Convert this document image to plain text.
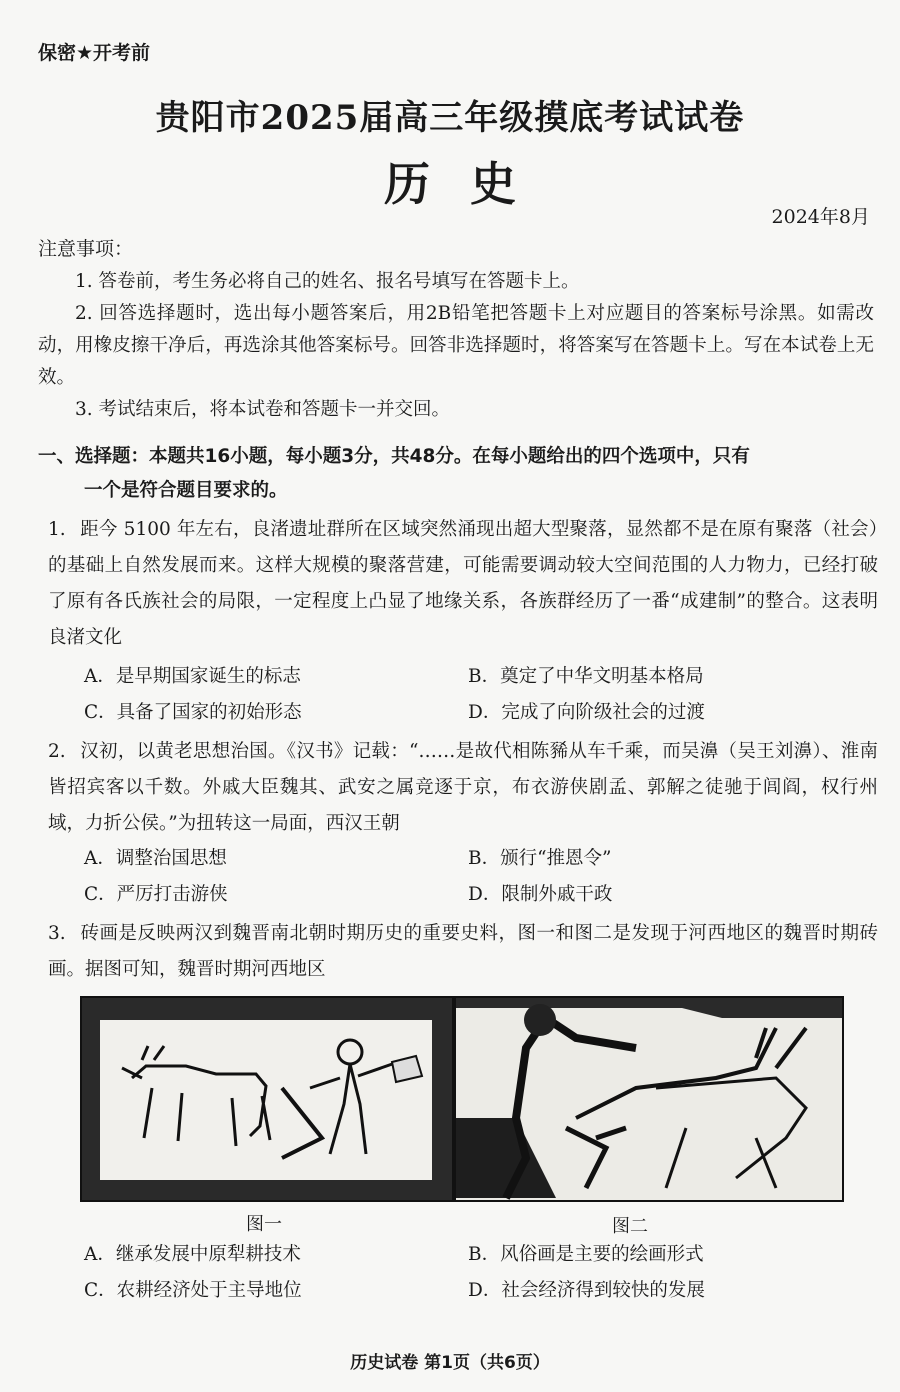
保密★开考前
贵阳市2025届高三年级摸底考试试卷
历史
2024年8月
注意事项：
1. 答卷前，考生务必将自己的姓名、报名号填写在答题卡上。
2. 回答选择题时，选出每小题答案后，用2B铅笔把答题卡上对应题目的答案标号涂黑。如需改动，用橡皮擦干净后，再选涂其他答案标号。回答非选择题时，将答案写在答题卡上。写在本试卷上无效。
3. 考试结束后，将本试卷和答题卡一并交回。
一、选择题：本题共16小题，每小题3分，共48分。在每小题给出的四个选项中，只有
一个是符合题目要求的。
1. 距今 5100 年左右，良渚遗址群所在区域突然涌现出超大型聚落，显然都不是在原有聚落（社会）的基础上自然发展而来。这样大规模的聚落营建，可能需要调动较大空间范围的人力物力，已经打破了原有各氏族社会的局限，一定程度上凸显了地缘关系，各族群经历了一番“成建制”的整合。这表明良渚文化
A．是早期国家诞生的标志	B．奠定了中华文明基本格局
C．具备了国家的初始形态	D．完成了向阶级社会的过渡
2. 汉初，以黄老思想治国。《汉书》记载：“……是故代相陈豨从车千乘，而吴濞（吴王刘濞）、淮南皆招宾客以千数。外戚大臣魏其、武安之属竞逐于京，布衣游侠剧孟、郭解之徒驰于闾阎，权行州域，力折公侯。”为扭转这一局面，西汉王朝
A．调整治国思想	B．颁行“推恩令”
C．严厉打击游侠	D．限制外戚干政
3. 砖画是反映两汉到魏晋南北朝时期历史的重要史料，图一和图二是发现于河西地区的魏晋时期砖画。据图可知，魏晋时期河西地区
图一	图二
A．继承发展中原犁耕技术	B．风俗画是主要的绘画形式
C．农耕经济处于主导地位	D．社会经济得到较快的发展
历史试卷 第1页（共6页）
